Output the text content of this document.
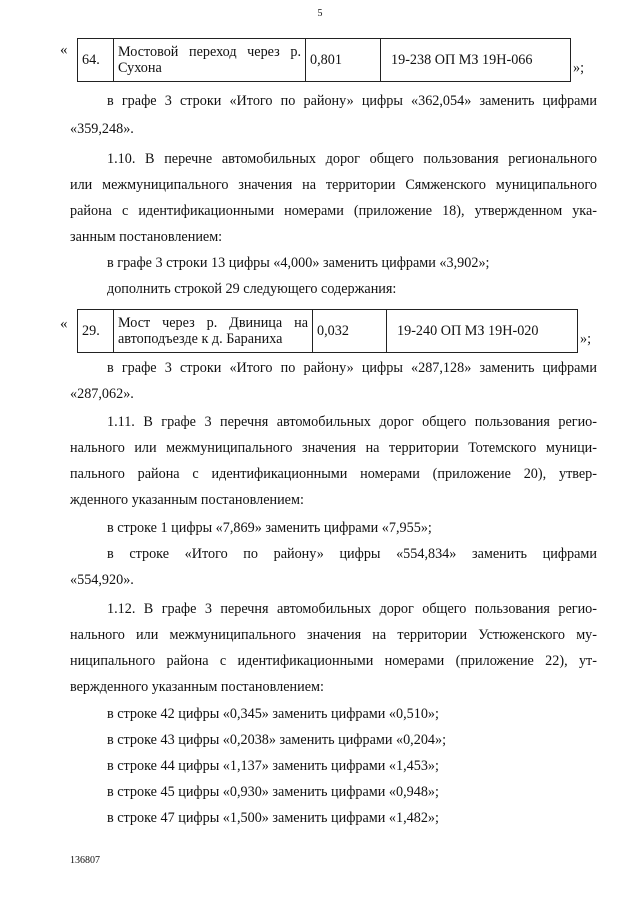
5
«
64.	Мостовой переход через р. Сухона	0,801	19-238 ОП МЗ 19Н-066	»;
в графе 3 строки «Итого по району» цифры «362,054» заменить цифрами
«359,248».
1.10. В перечне автомобильных дорог общего пользования регионального
или межмуниципального значения на территории Сямженского муниципального
района с идентификационными номерами (приложение 18), утвержденном ука-
занным постановлением:
в графе 3 строки 13 цифры «4,000» заменить цифрами «3,902»;
дополнить строкой 29 следующего содержания:
« 29.	Мост через р. Двиница на автоподъезде к д. Бараниха	0,032	19-240 ОП МЗ 19Н-020	»;
в графе 3 строки «Итого по району» цифры «287,128» заменить цифрами
«287,062».
1.11. В графе 3 перечня автомобильных дорог общего пользования регио-
нального или межмуниципального значения на территории Тотемского муници-
пального района с идентификационными номерами (приложение 20), утвер-
жденного указанным постановлением:
в строке 1 цифры «7,869» заменить цифрами «7,955»;
в строке «Итого по району» цифры «554,834» заменить цифрами
«554,920».
1.12. В графе 3 перечня автомобильных дорог общего пользования регио-
нального или межмуниципального значения на территории Устюженского му-
ниципального района с идентификационными номерами (приложение 22), ут-
вержденного указанным постановлением:
в строке 42 цифры «0,345» заменить цифрами «0,510»;
в строке 43 цифры «0,2038» заменить цифрами «0,204»;
в строке 44 цифры «1,137» заменить цифрами «1,453»;
в строке 45 цифры «0,930» заменить цифрами «0,948»;
в строке 47 цифры «1,500» заменить цифрами «1,482»;
136807
